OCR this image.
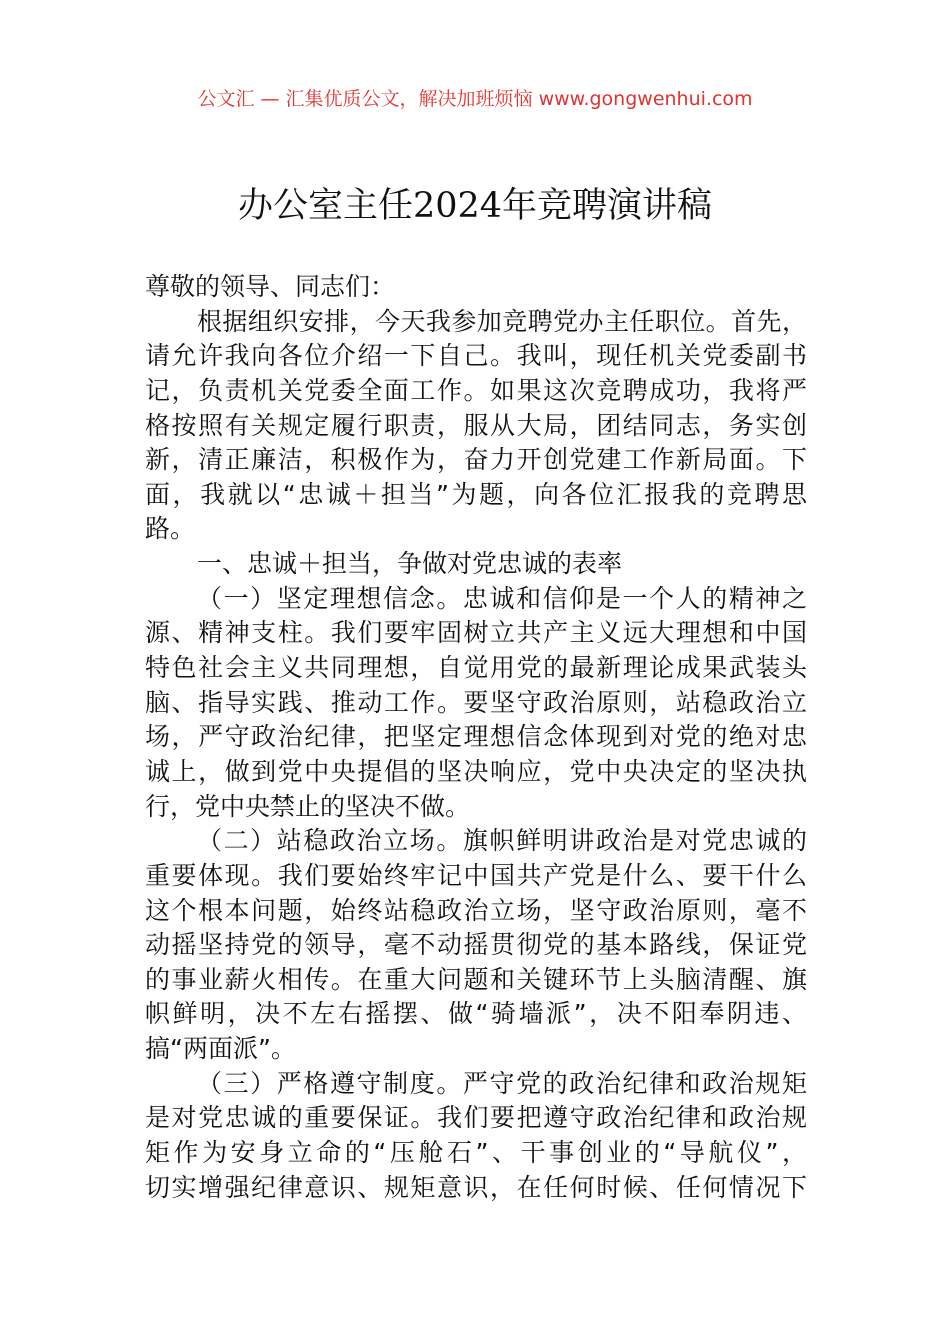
公文汇 — 汇集优质公文，解决加班烦恼 www.gongwenhui.com
办公室主任2024年竞聘演讲稿
尊敬的领导、同志们：
根据组织安排，今天我参加竞聘党办主任职位。首先，
请允许我向各位介绍一下自己。我叫，现任机关党委副书
记，负责机关党委全面工作。如果这次竞聘成功，我将严
格按照有关规定履行职责，服从大局，团结同志，务实创
新，清正廉洁，积极作为，奋力开创党建工作新局面。下
面，我就以“忠诚＋担当”为题，向各位汇报我的竞聘思
路。
一、忠诚＋担当，争做对党忠诚的表率
（一）坚定理想信念。忠诚和信仰是一个人的精神之
源、精神支柱。我们要牢固树立共产主义远大理想和中国
特色社会主义共同理想，自觉用党的最新理论成果武装头
脑、指导实践、推动工作。要坚守政治原则，站稳政治立
场，严守政治纪律，把坚定理想信念体现到对党的绝对忠
诚上，做到党中央提倡的坚决响应，党中央决定的坚决执
行，党中央禁止的坚决不做。
（二）站稳政治立场。旗帜鲜明讲政治是对党忠诚的
重要体现。我们要始终牢记中国共产党是什么、要干什么
这个根本问题，始终站稳政治立场，坚守政治原则，毫不
动摇坚持党的领导，毫不动摇贯彻党的基本路线，保证党
的事业薪火相传。在重大问题和关键环节上头脑清醒、旗
帜鲜明，决不左右摇摆、做“骑墙派”，决不阳奉阴违、
搞“两面派”。
（三）严格遵守制度。严守党的政治纪律和政治规矩
是对党忠诚的重要保证。我们要把遵守政治纪律和政治规
矩作为安身立命的“压舱石”、干事创业的“导航仪”，
切实增强纪律意识、规矩意识，在任何时候、任何情况下
